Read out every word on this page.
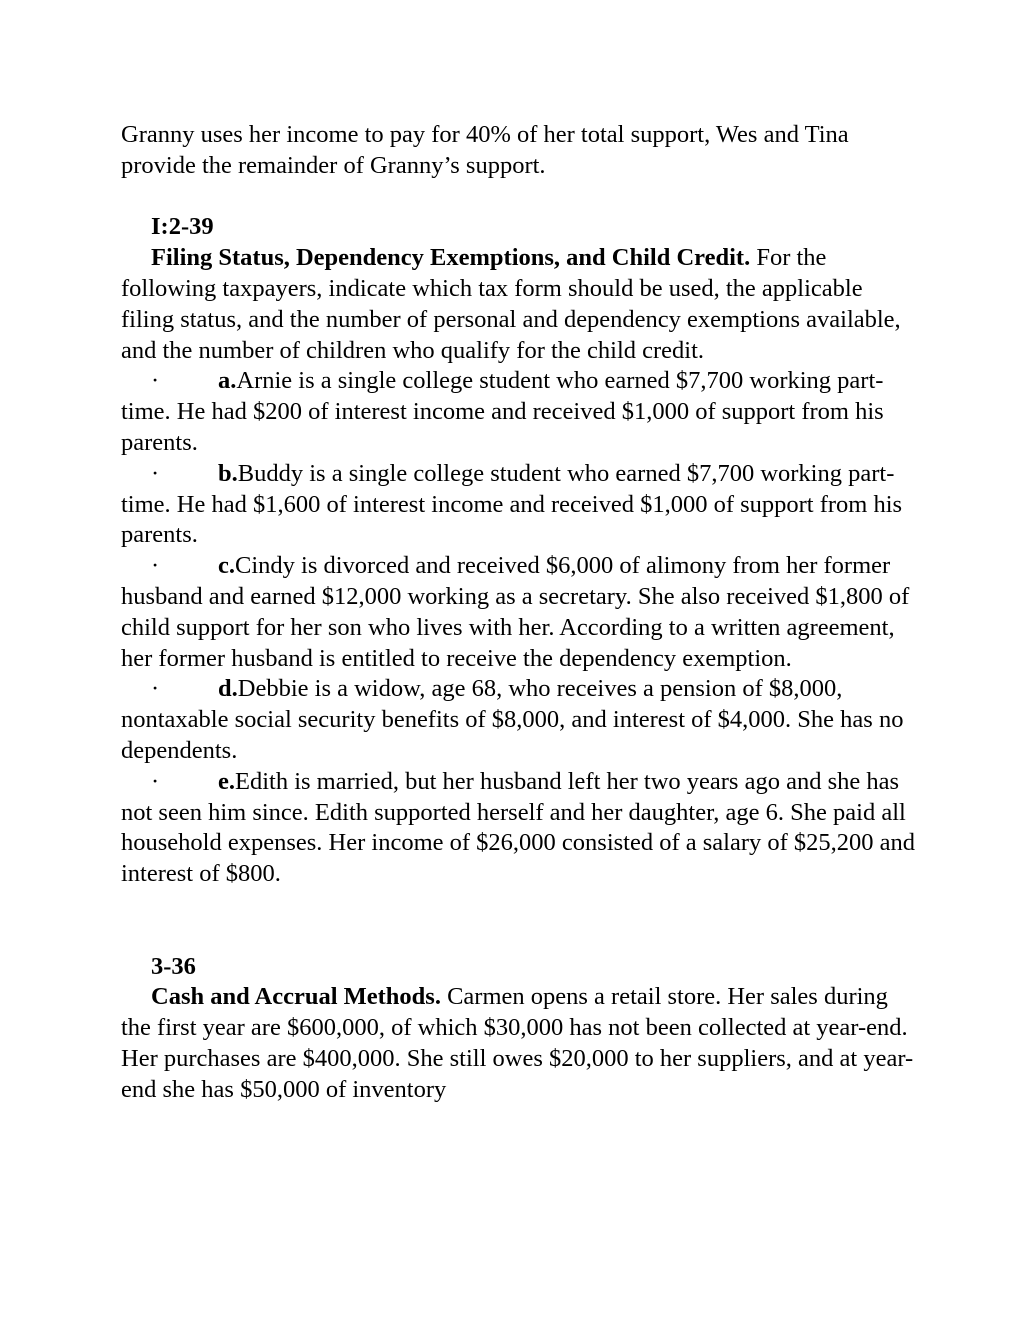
Granny uses her income to pay for 40% of her total support, Wes and Tina provide the remainder of Granny’s support.

I:2-39

Filing Status, Dependency Exemptions, and Child Credit. For the following taxpayers, indicate which tax form should be used, the applicable filing status, and the number of personal and dependency exemptions available, and the number of children who qualify for the child credit.

· a.Arnie is a single college student who earned $7,700 working part-time. He had $200 of interest income and received $1,000 of support from his parents.

· b.Buddy is a single college student who earned $7,700 working part-time. He had $1,600 of interest income and received $1,000 of support from his parents.

· c.Cindy is divorced and received $6,000 of alimony from her former husband and earned $12,000 working as a secretary. She also received $1,800 of child support for her son who lives with her. According to a written agreement, her former husband is entitled to receive the dependency exemption.

· d.Debbie is a widow, age 68, who receives a pension of $8,000, nontaxable social security benefits of $8,000, and interest of $4,000. She has no dependents.

· e.Edith is married, but her husband left her two years ago and she has not seen him since. Edith supported herself and her daughter, age 6. She paid all household expenses. Her income of $26,000 consisted of a salary of $25,200 and interest of $800.

3-36

Cash and Accrual Methods. Carmen opens a retail store. Her sales during the first year are $600,000, of which $30,000 has not been collected at year-end. Her purchases are $400,000. She still owes $20,000 to her suppliers, and at year-end she has $50,000 of inventory
